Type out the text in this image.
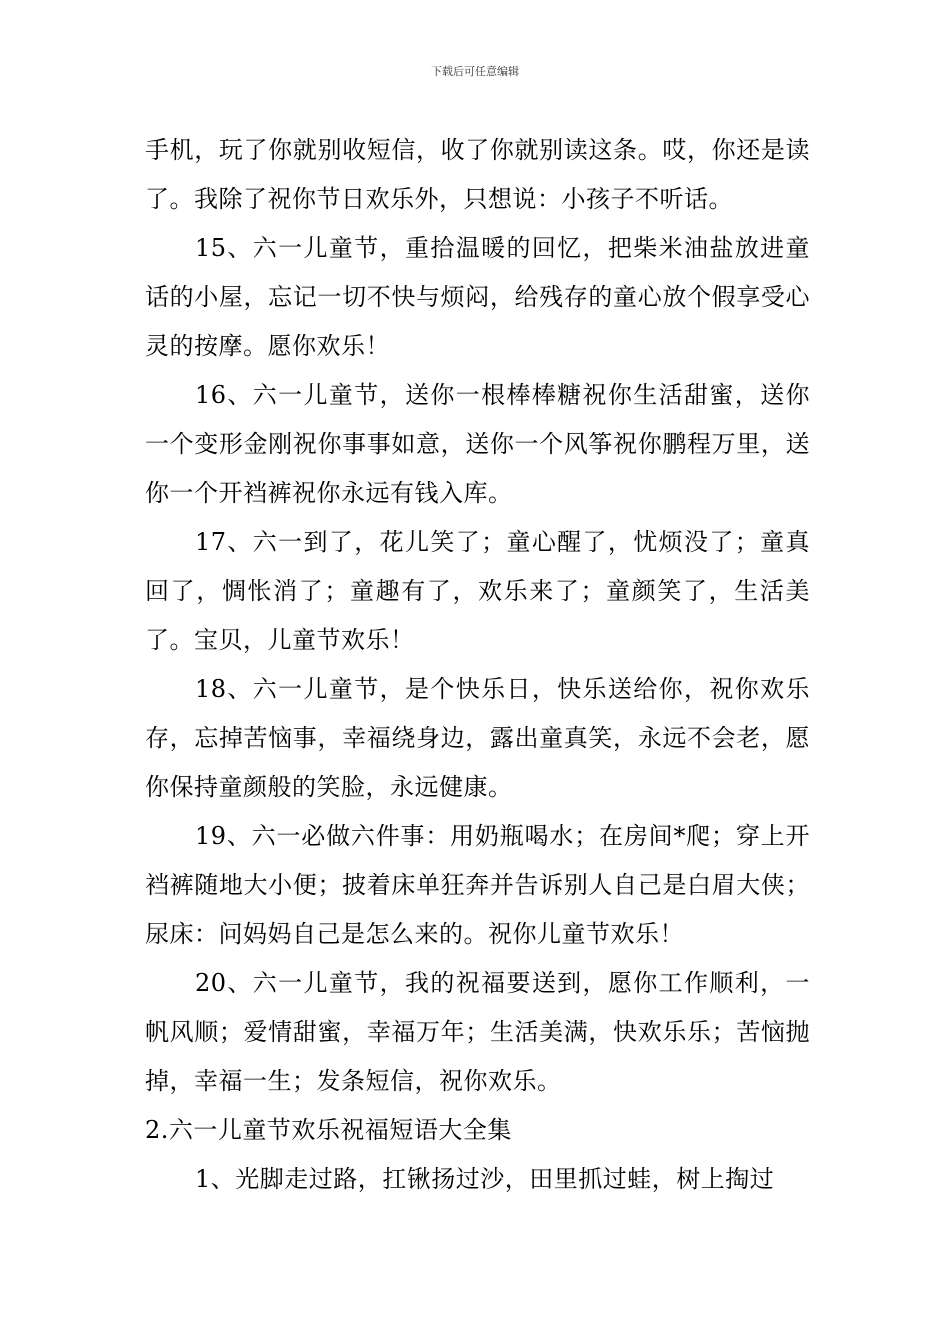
下载后可任意编辑

手机，玩了你就别收短信，收了你就别读这条。哎，你还是读了。我除了祝你节日欢乐外，只想说：小孩子不听话。

15、六一儿童节，重拾温暖的回忆，把柴米油盐放进童话的小屋，忘记一切不快与烦闷，给残存的童心放个假享受心灵的按摩。愿你欢乐！

16、六一儿童节，送你一根棒棒糖祝你生活甜蜜，送你一个变形金刚祝你事事如意，送你一个风筝祝你鹏程万里，送你一个开裆裤祝你永远有钱入库。

17、六一到了，花儿笑了；童心醒了，忧烦没了；童真回了，惆怅消了；童趣有了，欢乐来了；童颜笑了，生活美了。宝贝，儿童节欢乐！

18、六一儿童节，是个快乐日，快乐送给你，祝你欢乐存，忘掉苦恼事，幸福绕身边，露出童真笑，永远不会老，愿你保持童颜般的笑脸，永远健康。

19、六一必做六件事：用奶瓶喝水；在房间*爬；穿上开裆裤随地大小便；披着床单狂奔并告诉别人自己是白眉大侠；尿床：问妈妈自己是怎么来的。祝你儿童节欢乐！

20、六一儿童节，我的祝福要送到，愿你工作顺利，一帆风顺；爱情甜蜜，幸福万年；生活美满，快欢乐乐；苦恼抛掉，幸福一生；发条短信，祝你欢乐。

2.六一儿童节欢乐祝福短语大全集

1、光脚走过路，扛锹扬过沙，田里抓过蛙，树上掏过
